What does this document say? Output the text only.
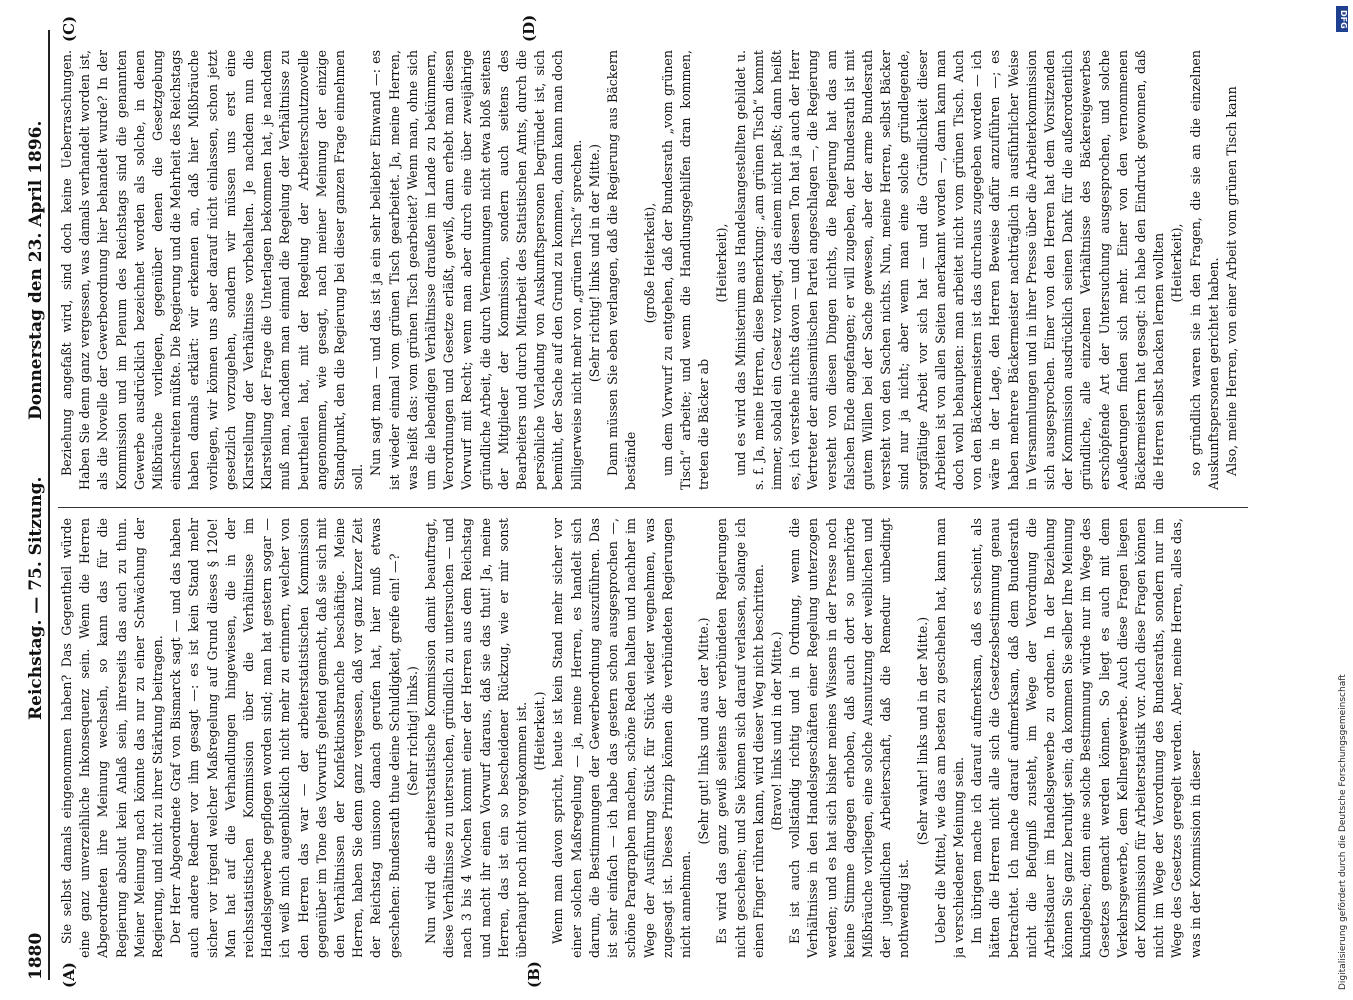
1880
Reichstag. — 75. Sitzung.
Donnerstag den 23. April 1896.
(A)	(B)
(C)	(D)

Sie selbst damals eingenommen haben? Das Gegentheil würde eine ganz unverzeihliche Inkonsequenz sein. Wenn die Herren Abgeordneten ihre Meinung wechseln, so kann das für die Regierung absolut kein Anlaß sein, ihrerseits das auch zu thun. Meiner Meinung nach könnte das nur zu einer Schwächung der Regierung, und nicht zu ihrer Stärkung beitragen. Der Herr Abgeordnete Graf von Bismarck sagt — und das haben auch andere Redner vor ihm gesagt —: es ist kein Stand mehr sicher vor irgend welcher Maßregelung auf Grund dieses § 120e! Man hat auf die Verhandlungen hingewiesen, die in der reichsstatistischen Kommission über die Verhältnisse im Handelsgewerbe gepflogen worden sind; man hat gestern sogar — ich weiß mich augenblicklich nicht mehr zu erinnern, welcher von den Herren das war — der arbeiterstatistischen Kommission gegenüber im Tone des Vorwurfs geltend gemacht, daß sie sich mit den Verhältnissen der Konfektionsbranche beschäftige. Meine Herren, haben Sie denn ganz vergessen, daß vor ganz kurzer Zeit der Reichstag unisono danach gerufen hat, hier muß etwas geschehen: Bundesrath thue deine Schuldigkeit, greife ein! —? (Sehr richtig! links.) Nun wird die arbeiterstatistische Kommission damit beauftragt, diese Verhältnisse zu untersuchen, gründlich zu untersuchen — und nach 3 bis 4 Wochen kommt einer der Herren aus dem Reichstag und macht ihr einen Vorwurf daraus, daß sie das thut! Ja, meine Herren, das ist ein so bescheidener Rückzug, wie er mir sonst überhaupt noch nicht vorgekommen ist. (Heiterkeit.) Wenn man davon spricht, heute ist kein Stand mehr sicher vor einer solchen Maßregelung — ja, meine Herren, es handelt sich darum, die Bestimmungen der Gewerbeordnung auszuführen. Das ist sehr einfach — ich habe das gestern schon ausgesprochen —, schöne Paragraphen machen, schöne Reden halten und nachher im Wege der Ausführung Stück für Stück wieder wegnehmen, was zugesagt ist. Dieses Prinzip können die verbündeten Regierungen nicht annehmen.

(Sehr gut! links und aus der Mitte.) Es wird das ganz gewiß seitens der verbündeten Regierungen nicht geschehen; und Sie können sich darauf verlassen, solange ich einen Finger rühren kann, wird dieser Weg nicht beschritten. (Bravo! links und in der Mitte.) Es ist auch vollständig richtig und in Ordnung, wenn die Verhältnisse in den Handelsgeschäften einer Regelung unterzogen werden; und es hat sich bisher meines Wissens in der Presse noch keine Stimme dagegen erhoben, daß auch dort so unerhörte Mißbräuche vorliegen, eine solche Ausnutzung der weiblichen und der jugendlichen Arbeiterschaft, daß die Remedur unbedingt nothwendig ist.

(Sehr wahr! links und in der Mitte.) Ueber die Mittel, wie das am besten zu geschehen hat, kann man ja verschiedener Meinung sein. Im übrigen mache ich darauf aufmerksam, daß es scheint, als hätten die Herren nicht alle sich die Gesetzesbestimmung genau betrachtet. Ich mache darauf aufmerksam, daß dem Bundesrath nicht die Befugniß zusteht, im Wege der Verordnung die Arbeitsdauer im Handelsgewerbe zu ordnen. In der Beziehung können Sie ganz beruhigt sein; da kommen Sie selber Ihre Meinung kundgeben; denn eine solche Bestimmung würde nur im Wege des Gesetzes gemacht werden können. So liegt es auch mit dem Verkehrsgewerbe, dem Kellnergewerbe. Auch diese Fragen liegen der Kommission für Arbeiterstatistik vor. Auch diese Fragen können nicht im Wege der Verordnung des Bundesraths, sondern nur im Wege des Gesetzes geregelt werden. Aber, meine Herren, alles das, was in der Kommission in dieser

Beziehung angefaßt wird, sind doch keine Ueberraschungen. Haben Sie denn ganz vergessen, was damals verhandelt worden ist, als die Novelle der Gewerbeordnung hier behandelt wurde? In der Kommission und im Plenum des Reichstags sind die genannten Gewerbe ausdrücklich bezeichnet worden als solche, in denen Mißbräuche vorliegen, gegenüber denen die Gesetzgebung einschreiten müßte. Die Regierung und die Mehrheit des Reichstags haben damals erklärt: wir erkennen an, daß hier Mißbräuche vorliegen, wir können uns aber darauf nicht einlassen, schon jetzt gesetzlich vorzugehen, sondern wir müssen uns erst eine Klarstellung der Verhältnisse vorbehalten. Je nachdem nun die Klarstellung der Frage die Unterlagen bekommen hat, je nachdem muß man, nachdem man einmal die Regelung der Verhältnisse zu beurtheilen hat, mit der Regelung der Arbeiterschutznovelle angenommen, wie gesagt, nach meiner Meinung der einzige Standpunkt, den die Regierung bei dieser ganzen Frage einnehmen soll.

Nun sagt man — und das ist ja ein sehr beliebter Einwand —: es ist wieder einmal vom grünen Tisch gearbeitet. Ja, meine Herren, was heißt das: vom grünen Tisch gearbeitet? Wenn man, ohne sich um die lebendigen Verhältnisse draußen im Lande zu bekümmern, Verordnungen und Gesetze erläßt, gewiß, dann erhebt man diesen Vorwurf mit Recht; wenn man aber durch eine über zweijährige gründliche Arbeit, die durch Vernehmungen nicht etwa bloß seitens der Mitglieder der Kommission, sondern auch seitens des Bearbeiters und durch Mitarbeit des Statistischen Amts, durch die persönliche Vorladung von Auskunftspersonen begründet ist, sich bemüht, der Sache auf den Grund zu kommen, dann kann man doch billigerweise nicht mehr von „grünen Tisch“ sprechen. (Sehr richtig! links und in der Mitte.) Dann müssen Sie eben verlangen, daß die Regierung aus Bäckern bestände

(große Heiterkeit), um dem Vorwurf zu entgehen, daß der Bundesrath „vom grünen Tisch“ arbeite; und wenn die Handlungsgehilfen dran kommen, treten die Bäcker ab

(Heiterkeit), und es wird das Ministerium aus Handelsangestellten gebildet u. s. f. Ja, meine Herren, diese Bemerkung: „am grünen Tisch“ kommt immer, sobald ein Gesetz vorliegt, das einem nicht paßt; dann heißt es, ich verstehe nichts davon — und diesen Ton hat ja auch der Herr Vertreter der antisemitischen Partei angeschlagen —, die Regierung versteht von diesen Dingen nichts, die Regierung hat das am falschen Ende angefangen; er will zugeben, der Bundesrath ist mit gutem Willen bei der Sache gewesen, aber der arme Bundesrath versteht von den Sachen nichts. Nun, meine Herren, selbst Bäcker sind nur ja nicht; aber wenn man eine solche gründlegende, sorgfältige Arbeit vor sich hat — und die Gründlichkeit dieser Arbeiten ist von allen Seiten anerkannt worden —, dann kann man doch wohl behaupten: man arbeitet nicht vom grünen Tisch. Auch von den Bäckermeistern ist das durchaus zugegeben worden — ich wäre in der Lage, den Herren Beweise dafür anzuführen —; es haben mehrere Bäckermeister nachträglich in ausführlicher Weise in Versammlungen und in ihrer Presse über die Arbeiterkommission sich ausgesprochen. Einer von den Herren hat dem Vorsitzenden der Kommission ausdrücklich seinen Dank für die außerordentlich gründliche, alle einzelnen Verhältnisse des Bäckereigewerbes erschöpfende Art der Untersuchung ausgesprochen, und solche Aeußerungen finden sich mehr. Einer von den vernommenen Bäckermeistern hat gesagt: ich habe den Eindruck gewonnen, daß die Herren selbst backen lernen wollten (Heiterkeit), so gründlich waren sie in den Fragen, die sie an die einzelnen Auskunftspersonen gerichtet haben. Also, meine Herren, von einer Arbeit vom grünen Tisch kann

DFG
Digitalisierung gefördert durch die Deutsche Forschungsgemeinschaft
